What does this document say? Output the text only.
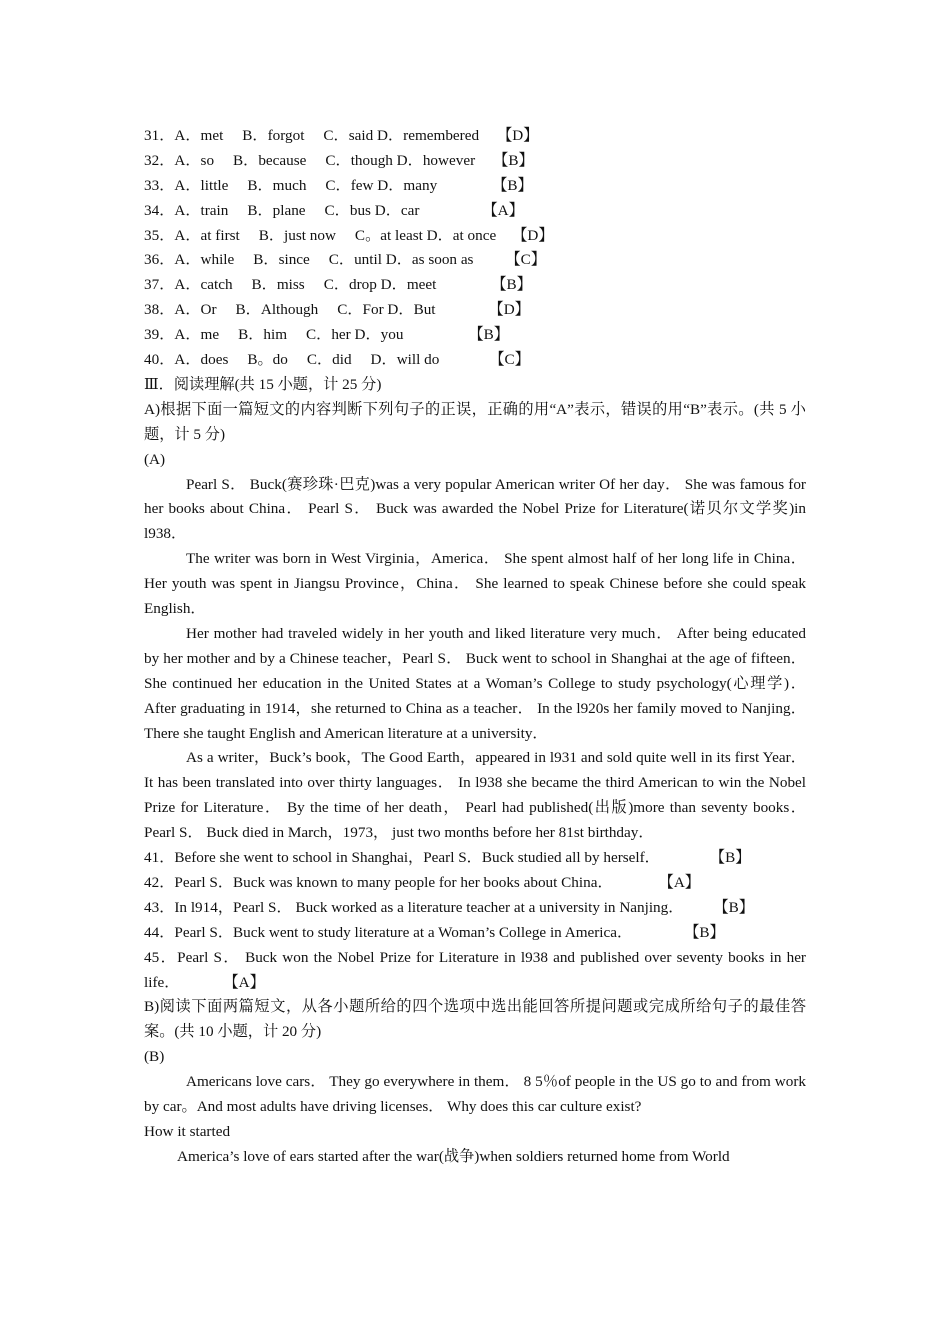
31．A．met　 B．forgot　 C．said D．remembered 【D】
32．A．so　 B．because　 C．though D．however 【B】
33．A．little　 B．much　 C．few D．many	【B】
34．A．train　 B．plane　 C．bus D．car	【A】
35．A．at first　 B．just now　 C。at least D．at once 【D】
36．A．while　 B．since　 C．until D．as soon as 【C】
37．A．catch　 B．miss　 C．drop D．meet	【B】
38．A．Or　 B．Although　 C．For D．But	【D】
39．A．me　 B．him　 C．her D．you	【B】
40．A．does　 B。do　 C．did　 D．will do	【C】
Ⅲ．阅读理解(共 15 小题，计 25 分)
A)根据下面一篇短文的内容判断下列句子的正误，正确的用“A”表示，错误的用“B”表示。(共 5 小题，计 5 分)
(A)
Pearl S． Buck(赛珍珠·巴克)was a very popular American writer Of her day． She was famous for her books about China． Pearl S． Buck was awarded the Nobel Prize for Literature(诺贝尔文学奖)in l938．
The writer was born in West Virginia，America． She spent almost half of her long life in China． Her youth was spent in Jiangsu Province，China． She learned to speak Chinese before she could speak English．
Her mother had traveled widely in her youth and liked literature very much． After being educated by her mother and by a Chinese teacher，Pearl S． Buck went to school in Shanghai at the age of fifteen． She continued her education in the United States at a Woman’s College to study psychology(心理学)． After graduating in 1914，she returned to China as a teacher． In the l920s her family moved to Nanjing． There she taught English and American literature at a university．
As a writer，Buck’s book，The Good Earth，appeared in l931 and sold quite well in its first Year． It has been translated into over thirty languages． In l938 she became the third American to win the Nobel Prize for Literature． By the time of her death， Pearl had published(出版)more than seventy books． Pearl S． Buck died in March，1973， just two months before her 81st birthday．
41．Before she went to school in Shanghai，Pearl S．Buck studied all by herself．	【B】
42．Pearl S．Buck was known to many people for her books about China．	【A】
43．In l914，Pearl S． Buck worked as a literature teacher at a university in Nanjing． 【B】
44．Pearl S．Buck went to study literature at a Woman’s College in America．	【B】
45．Pearl S． Buck won the Nobel Prize for Literature in l938 and published over seventy books in her life．	【A】
B)阅读下面两篇短文，从各小题所给的四个选项中选出能回答所提问题或完成所给句子的最佳答案。(共 10 小题，计 20 分)
(B)
Americans love cars． They go everywhere in them． 8 5％of people in the US go to and from work by car。And most adults have driving licenses． Why does this car culture exist?
How it started
America’s love of ears started after the war(战争)when soldiers returned home from World
